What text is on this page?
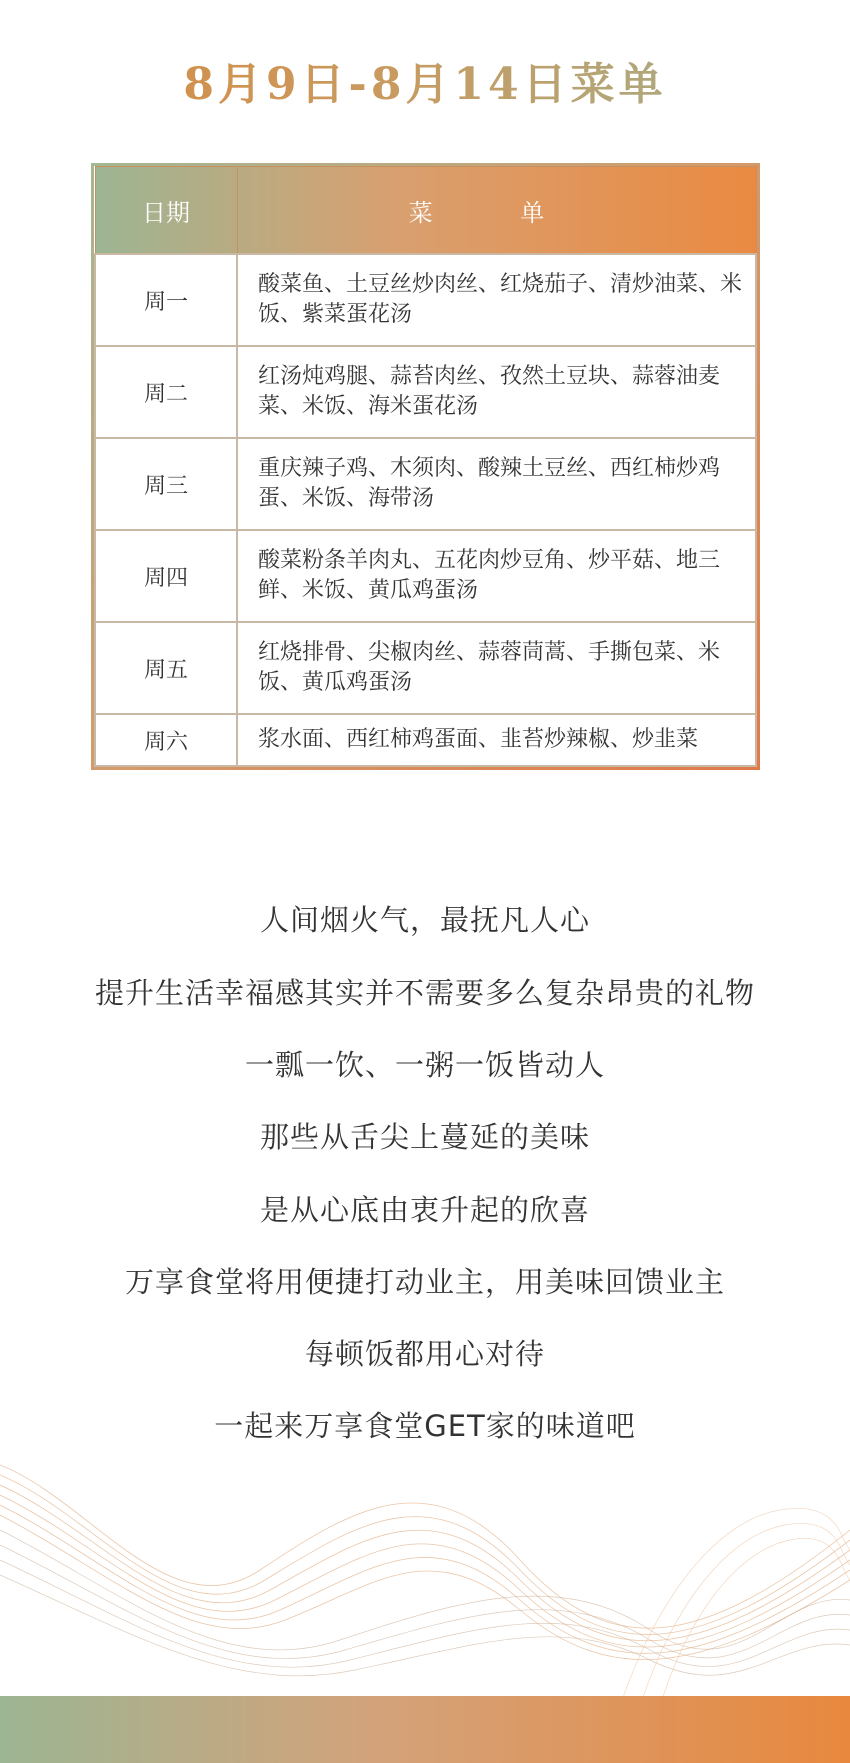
8月9日-8月14日菜单
日期	菜 单
周一	酸菜鱼、土豆丝炒肉丝、红烧茄子、清炒油菜、米饭、紫菜蛋花汤
周二	红汤炖鸡腿、蒜苔肉丝、孜然土豆块、蒜蓉油麦菜、米饭、海米蛋花汤
周三	重庆辣子鸡、木须肉、酸辣土豆丝、西红柿炒鸡蛋、米饭、海带汤
周四	酸菜粉条羊肉丸、五花肉炒豆角、炒平菇、地三鲜、米饭、黄瓜鸡蛋汤
周五	红烧排骨、尖椒肉丝、蒜蓉茼蒿、手撕包菜、米饭、黄瓜鸡蛋汤
周六	浆水面、西红柿鸡蛋面、韭苔炒辣椒、炒韭菜
人间烟火气，最抚凡人心
提升生活幸福感其实并不需要多么复杂昂贵的礼物
一瓢一饮、一粥一饭皆动人
那些从舌尖上蔓延的美味
是从心底由衷升起的欣喜
万享食堂将用便捷打动业主，用美味回馈业主
每顿饭都用心对待
一起来万享食堂GET家的味道吧
